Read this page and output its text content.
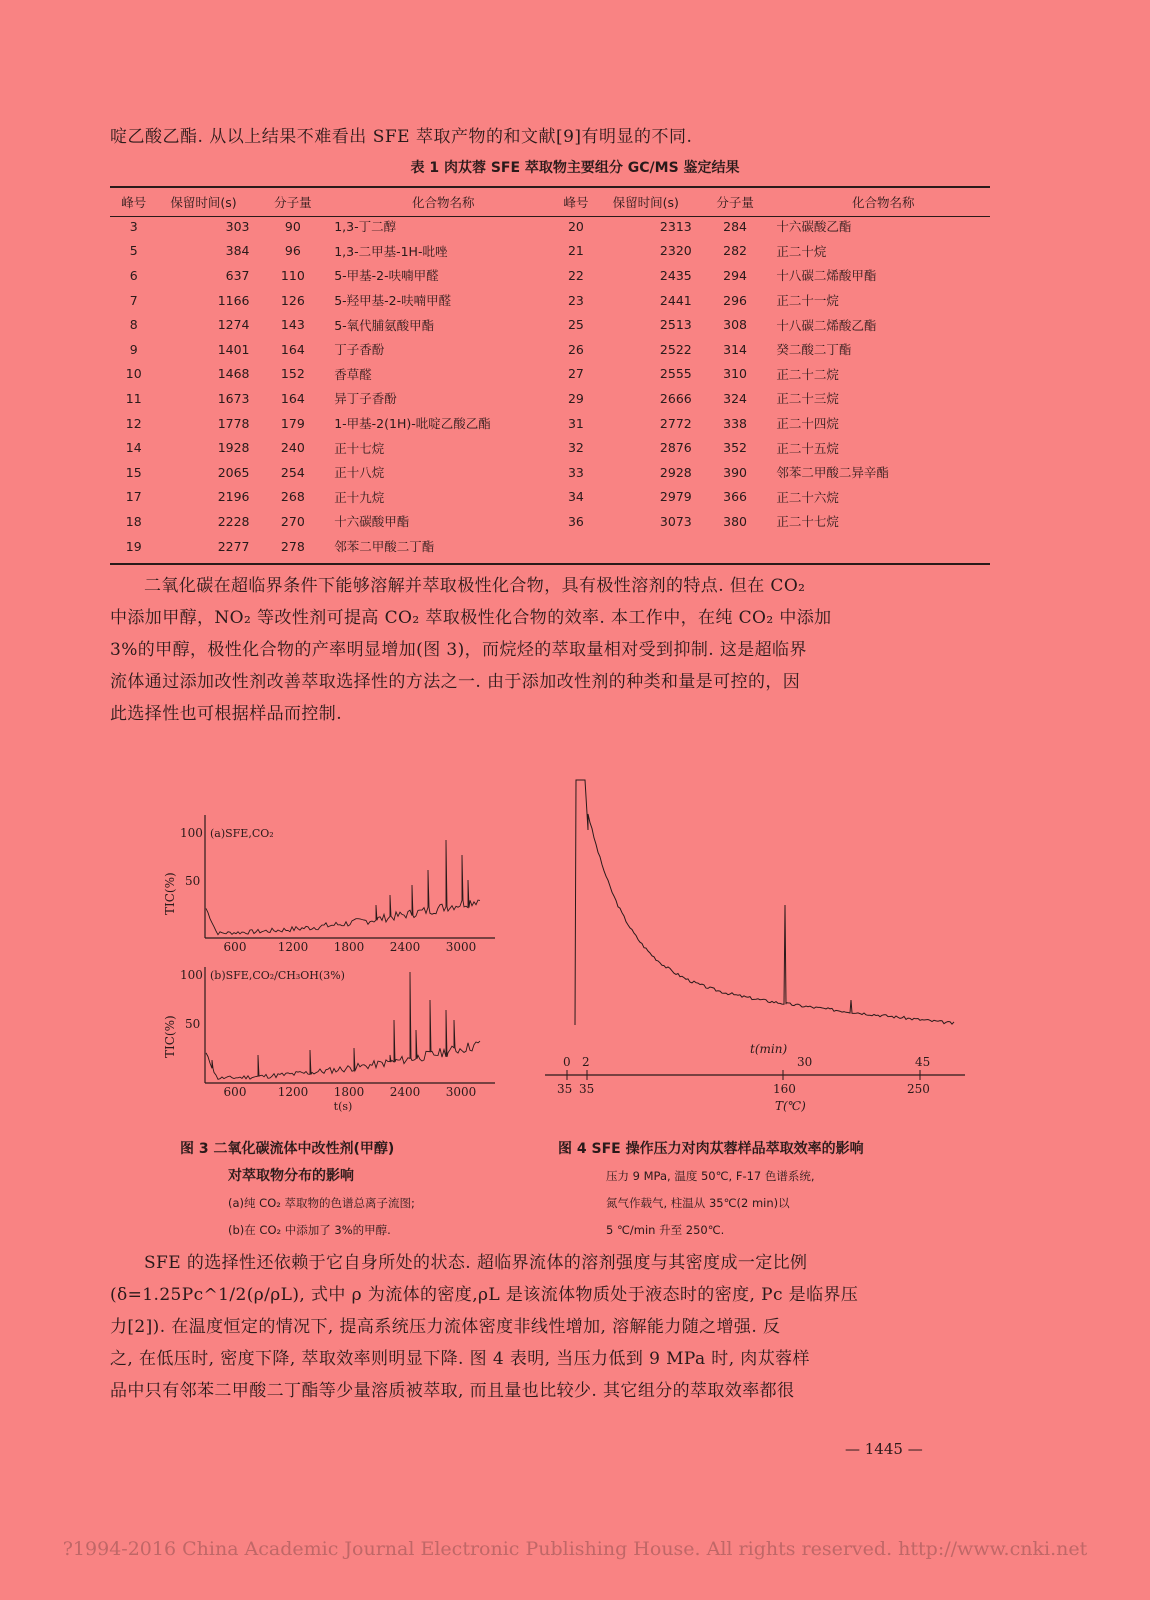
啶乙酸乙酯. 从以上结果不难看出 SFE 萃取产物的和文献[9]有明显的不同.
表 1 肉苁蓉 SFE 萃取物主要组分 GC/MS 鉴定结果
峰号	保留时间(s)	分子量	化合物名称	峰号	保留时间(s)	分子量	化合物名称
3	303	90	1,3-丁二醇	20	2313	284	十六碳酸乙酯
5	384	96	1,3-二甲基-1H-吡唑	21	2320	282	正二十烷
6	637	110	5-甲基-2-呋喃甲醛	22	2435	294	十八碳二烯酸甲酯
7	1166	126	5-羟甲基-2-呋喃甲醛	23	2441	296	正二十一烷
8	1274	143	5-氧代脯氨酸甲酯	25	2513	308	十八碳二烯酸乙酯
9	1401	164	丁子香酚	26	2522	314	癸二酸二丁酯
10	1468	152	香草醛	27	2555	310	正二十二烷
11	1673	164	异丁子香酚	29	2666	324	正二十三烷
12	1778	179	1-甲基-2(1H)-吡啶乙酸乙酯	31	2772	338	正二十四烷
14	1928	240	正十七烷	32	2876	352	正二十五烷
15	2065	254	正十八烷	33	2928	390	邻苯二甲酸二异辛酯
17	2196	268	正十九烷	34	2979	366	正二十六烷
18	2228	270	十六碳酸甲酯	36	3073	380	正二十七烷
19	2277	278	邻苯二甲酸二丁酯				

二氧化碳在超临界条件下能够溶解并萃取极性化合物，具有极性溶剂的特点. 但在 CO₂

中添加甲醇，NO₂ 等改性剂可提高 CO₂ 萃取极性化合物的效率. 本工作中，在纯 CO₂ 中添加

3%的甲醇，极性化合物的产率明显增加(图 3)，而烷烃的萃取量相对受到抑制. 这是超临界

流体通过添加改性剂改善萃取选择性的方法之一. 由于添加改性剂的种类和量是可控的，因

此选择性也可根据样品而控制.

100
50
(a)SFE,CO₂
TIC(%)
600	1200 1800 2400 3000
100
50
(b)SFE,CO₂/CH₃OH(3%)
TIC(%)
600	1200 1800 2400 3000
t(s)
t(min)
0 2	30	45
35 35	160	250
T(℃)
图 3 二氧化碳流体中改性剂(甲醇)
对萃取物分布的影响
(a)纯 CO₂ 萃取物的色谱总离子流图;
(b)在 CO₂ 中添加了 3%的甲醇.
图 4 SFE 操作压力对肉苁蓉样品萃取效率的影响
压力 9 MPa, 温度 50℃, F-17 色谱系统,
氮气作载气, 柱温从 35℃(2 min)以
5 ℃/min 升至 250℃.

SFE 的选择性还依赖于它自身所处的状态. 超临界流体的溶剂强度与其密度成一定比例

(δ=1.25Pc^1/2(ρ/ρL), 式中 ρ 为流体的密度,ρL 是该流体物质处于液态时的密度, Pc 是临界压

力[2]). 在温度恒定的情况下, 提高系统压力流体密度非线性增加, 溶解能力随之增强. 反

之, 在低压时, 密度下降, 萃取效率则明显下降. 图 4 表明, 当压力低到 9 MPa 时, 肉苁蓉样

品中只有邻苯二甲酸二丁酯等少量溶质被萃取, 而且量也比较少. 其它组分的萃取效率都很

— 1445 —
?1994-2016 China Academic Journal Electronic Publishing House. All rights reserved. http://www.cnki.net
